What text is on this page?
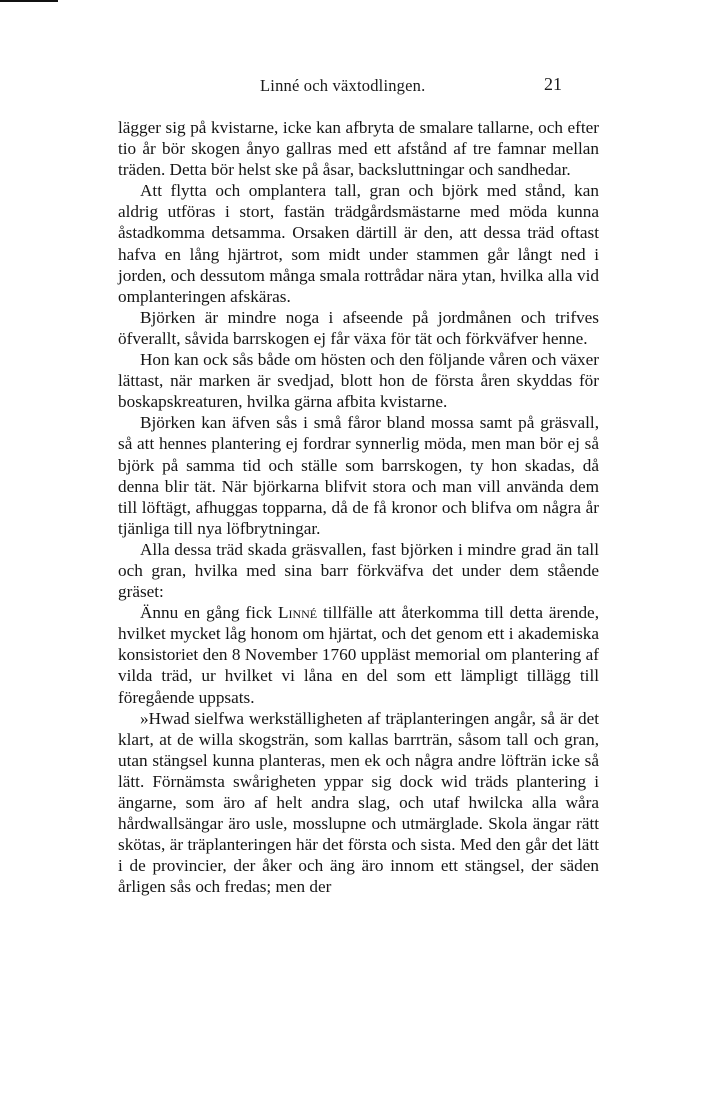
Linné och växtodlingen.	21

lägger sig på kvistarne, icke kan afbryta de smalare tallarne, och efter tio år bör skogen ånyo gallras med ett afstånd af tre famnar mellan träden. Detta bör helst ske på åsar, backsluttningar och sandhedar.

Att flytta och omplantera tall, gran och björk med stånd, kan aldrig utföras i stort, fastän trädgårdsmästarne med möda kunna åstadkomma detsamma. Orsaken därtill är den, att dessa träd oftast hafva en lång hjärtrot, som midt under stammen går långt ned i jorden, och dessutom många smala rottrådar nära ytan, hvilka alla vid omplanteringen afskäras.

Björken är mindre noga i afseende på jordmånen och trifves öfverallt, såvida barrskogen ej får växa för tät och förkväfver henne.

Hon kan ock sås både om hösten och den följande våren och växer lättast, när marken är svedjad, blott hon de första åren skyddas för boskapskreaturen, hvilka gärna afbita kvistarne.

Björken kan äfven sås i små fåror bland mossa samt på gräsvall, så att hennes plantering ej fordrar synnerlig möda, men man bör ej så björk på samma tid och ställe som barrskogen, ty hon skadas, då denna blir tät. När björkarna blifvit stora och man vill använda dem till löftägt, afhuggas topparna, då de få kronor och blifva om några år tjänliga till nya löfbrytningar.

Alla dessa träd skada gräsvallen, fast björken i mindre grad än tall och gran, hvilka med sina barr förkväfva det under dem stående gräset:

Ännu en gång fick Linné tillfälle att återkomma till detta ärende, hvilket mycket låg honom om hjärtat, och det genom ett i akademiska konsistoriet den 8 November 1760 uppläst memorial om plantering af vilda träd, ur hvilket vi låna en del som ett lämpligt tillägg till föregående uppsats.

»Hwad sielfwa werkställigheten af träplanteringen angår, så är det klart, at de willa skogsträn, som kallas barrträn, såsom tall och gran, utan stängsel kunna planteras, men ek och några andre löfträn icke så lätt. Förnämsta swårigheten yppar sig dock wid träds plantering i ängarne, som äro af helt andra slag, och utaf hwilcka alla wåra hårdwallsängar äro usle, mosslupne och utmärglade. Skola ängar rätt skötas, är träplanteringen här det första och sista. Med den går det lätt i de provincier, der åker och äng äro innom ett stängsel, der säden årligen sås och fredas; men der
